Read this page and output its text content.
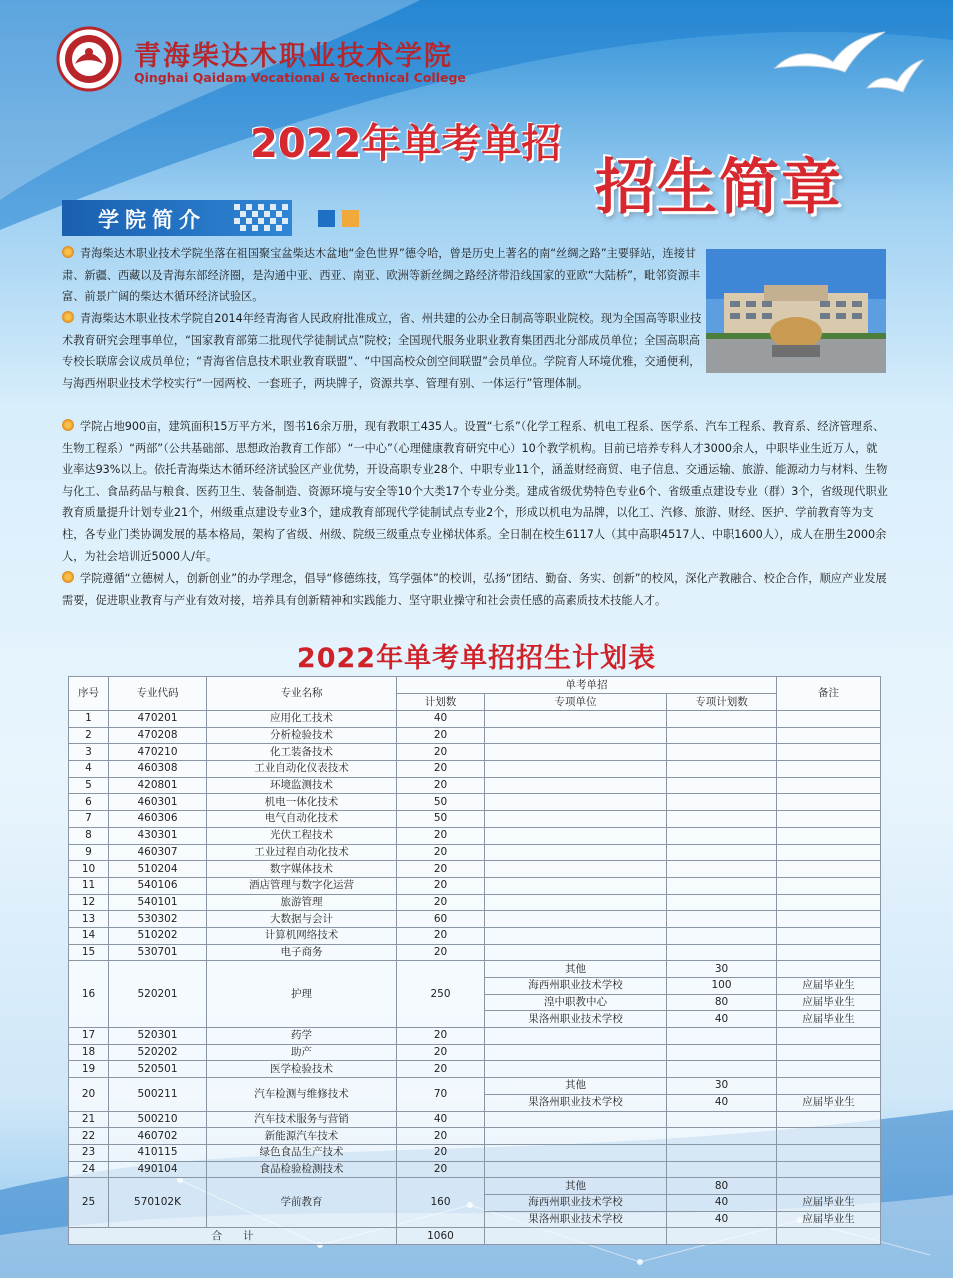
青海柴达木职业技术学院
Qinghai Qaidam Vocational & Technical College
2022年单考单招
招生简章
学院简介

青海柴达木职业技术学院坐落在祖国聚宝盆柴达木盆地“金色世界”德令哈，曾是历史上著名的南“丝绸之路”主要驿站，连接甘肃、新疆、西藏以及青海东部经济圈，是沟通中亚、西亚、南亚、欧洲等新丝绸之路经济带沿线国家的亚欧“大陆桥”，毗邻资源丰富、前景广阔的柴达木循环经济试验区。

青海柴达木职业技术学院自2014年经青海省人民政府批准成立，省、州共建的公办全日制高等职业院校。现为全国高等职业技术教育研究会理事单位，“国家教育部第二批现代学徒制试点”院校；全国现代服务业职业教育集团西北分部成员单位；全国高职高专校长联席会议成员单位；“青海省信息技术职业教育联盟”、“中国高校众创空间联盟”会员单位。学院育人环境优雅，交通便利，与海西州职业技术学校实行“一园两校、一套班子，两块牌子，资源共享、管理有别、一体运行”管理体制。

学院占地900亩，建筑面积15万平方米，图书16余万册，现有教职工435人。设置“七系”（化学工程系、机电工程系、医学系、汽车工程系、教育系、经济管理系、生物工程系）“两部”（公共基础部、思想政治教育工作部）“一中心”（心理健康教育研究中心）10个教学机构。目前已培养专科人才3000余人，中职毕业生近万人，就业率达93%以上。依托青海柴达木循环经济试验区产业优势，开设高职专业28个、中职专业11个，涵盖财经商贸、电子信息、交通运输、旅游、能源动力与材料、生物与化工、食品药品与粮食、医药卫生、装备制造、资源环境与安全等10个大类17个专业分类。建成省级优势特色专业6个、省级重点建设专业（群）3个，省级现代职业教育质量提升计划专业21个，州级重点建设专业3个，建成教育部现代学徒制试点专业2个，形成以机电为品牌，以化工、汽修、旅游、财经、医护、学前教育等为支柱，各专业门类协调发展的基本格局，架构了省级、州级、院级三级重点专业梯状体系。全日制在校生6117人（其中高职4517人、中职1600人），成人在册生2000余人，为社会培训近5000人/年。

学院遵循“立德树人，创新创业”的办学理念，倡导“修德练技，笃学强体”的校训，弘扬“团结、勤奋、务实、创新”的校风，深化产教融合、校企合作，顺应产业发展需要，促进职业教育与产业有效对接，培养具有创新精神和实践能力、坚守职业操守和社会责任感的高素质技术技能人才。

2022年单考单招招生计划表
序号	专业代码	专业名称	单考单招			备注
			计划数	专项单位	专项计划数	
1	470201	应用化工技术	40			
2	470208	分析检验技术	20			
3	470210	化工装备技术	20			
4	460308	工业自动化仪表技术	20			
5	420801	环境监测技术	20			
6	460301	机电一体化技术	50			
7	460306	电气自动化技术	50			
8	430301	光伏工程技术	20			
9	460307	工业过程自动化技术	20			
10	510204	数字媒体技术	20			
11	540106	酒店管理与数字化运营	20			
12	540101	旅游管理	20			
13	530302	大数据与会计	60			
14	510202	计算机网络技术	20			
15	530701	电子商务	20			
16	520201	护理	250	其他	30	
				海西州职业技术学校	100	应届毕业生
				湟中职教中心	80	应届毕业生
				果洛州职业技术学校	40	应届毕业生
17	520301	药学	20			
18	520202	助产	20			
19	520501	医学检验技术	20			
20	500211	汽车检测与维修技术	70	其他	30	
				果洛州职业技术学校	40	应届毕业生
21	500210	汽车技术服务与营销	40			
22	460702	新能源汽车技术	20			
23	410115	绿色食品生产技术	20			
24	490104	食品检验检测技术	20			
25	570102K	学前教育	160	其他	80	
				海西州职业技术学校	40	应届毕业生
				果洛州职业技术学校	40	应届毕业生
合　　计			1060			
